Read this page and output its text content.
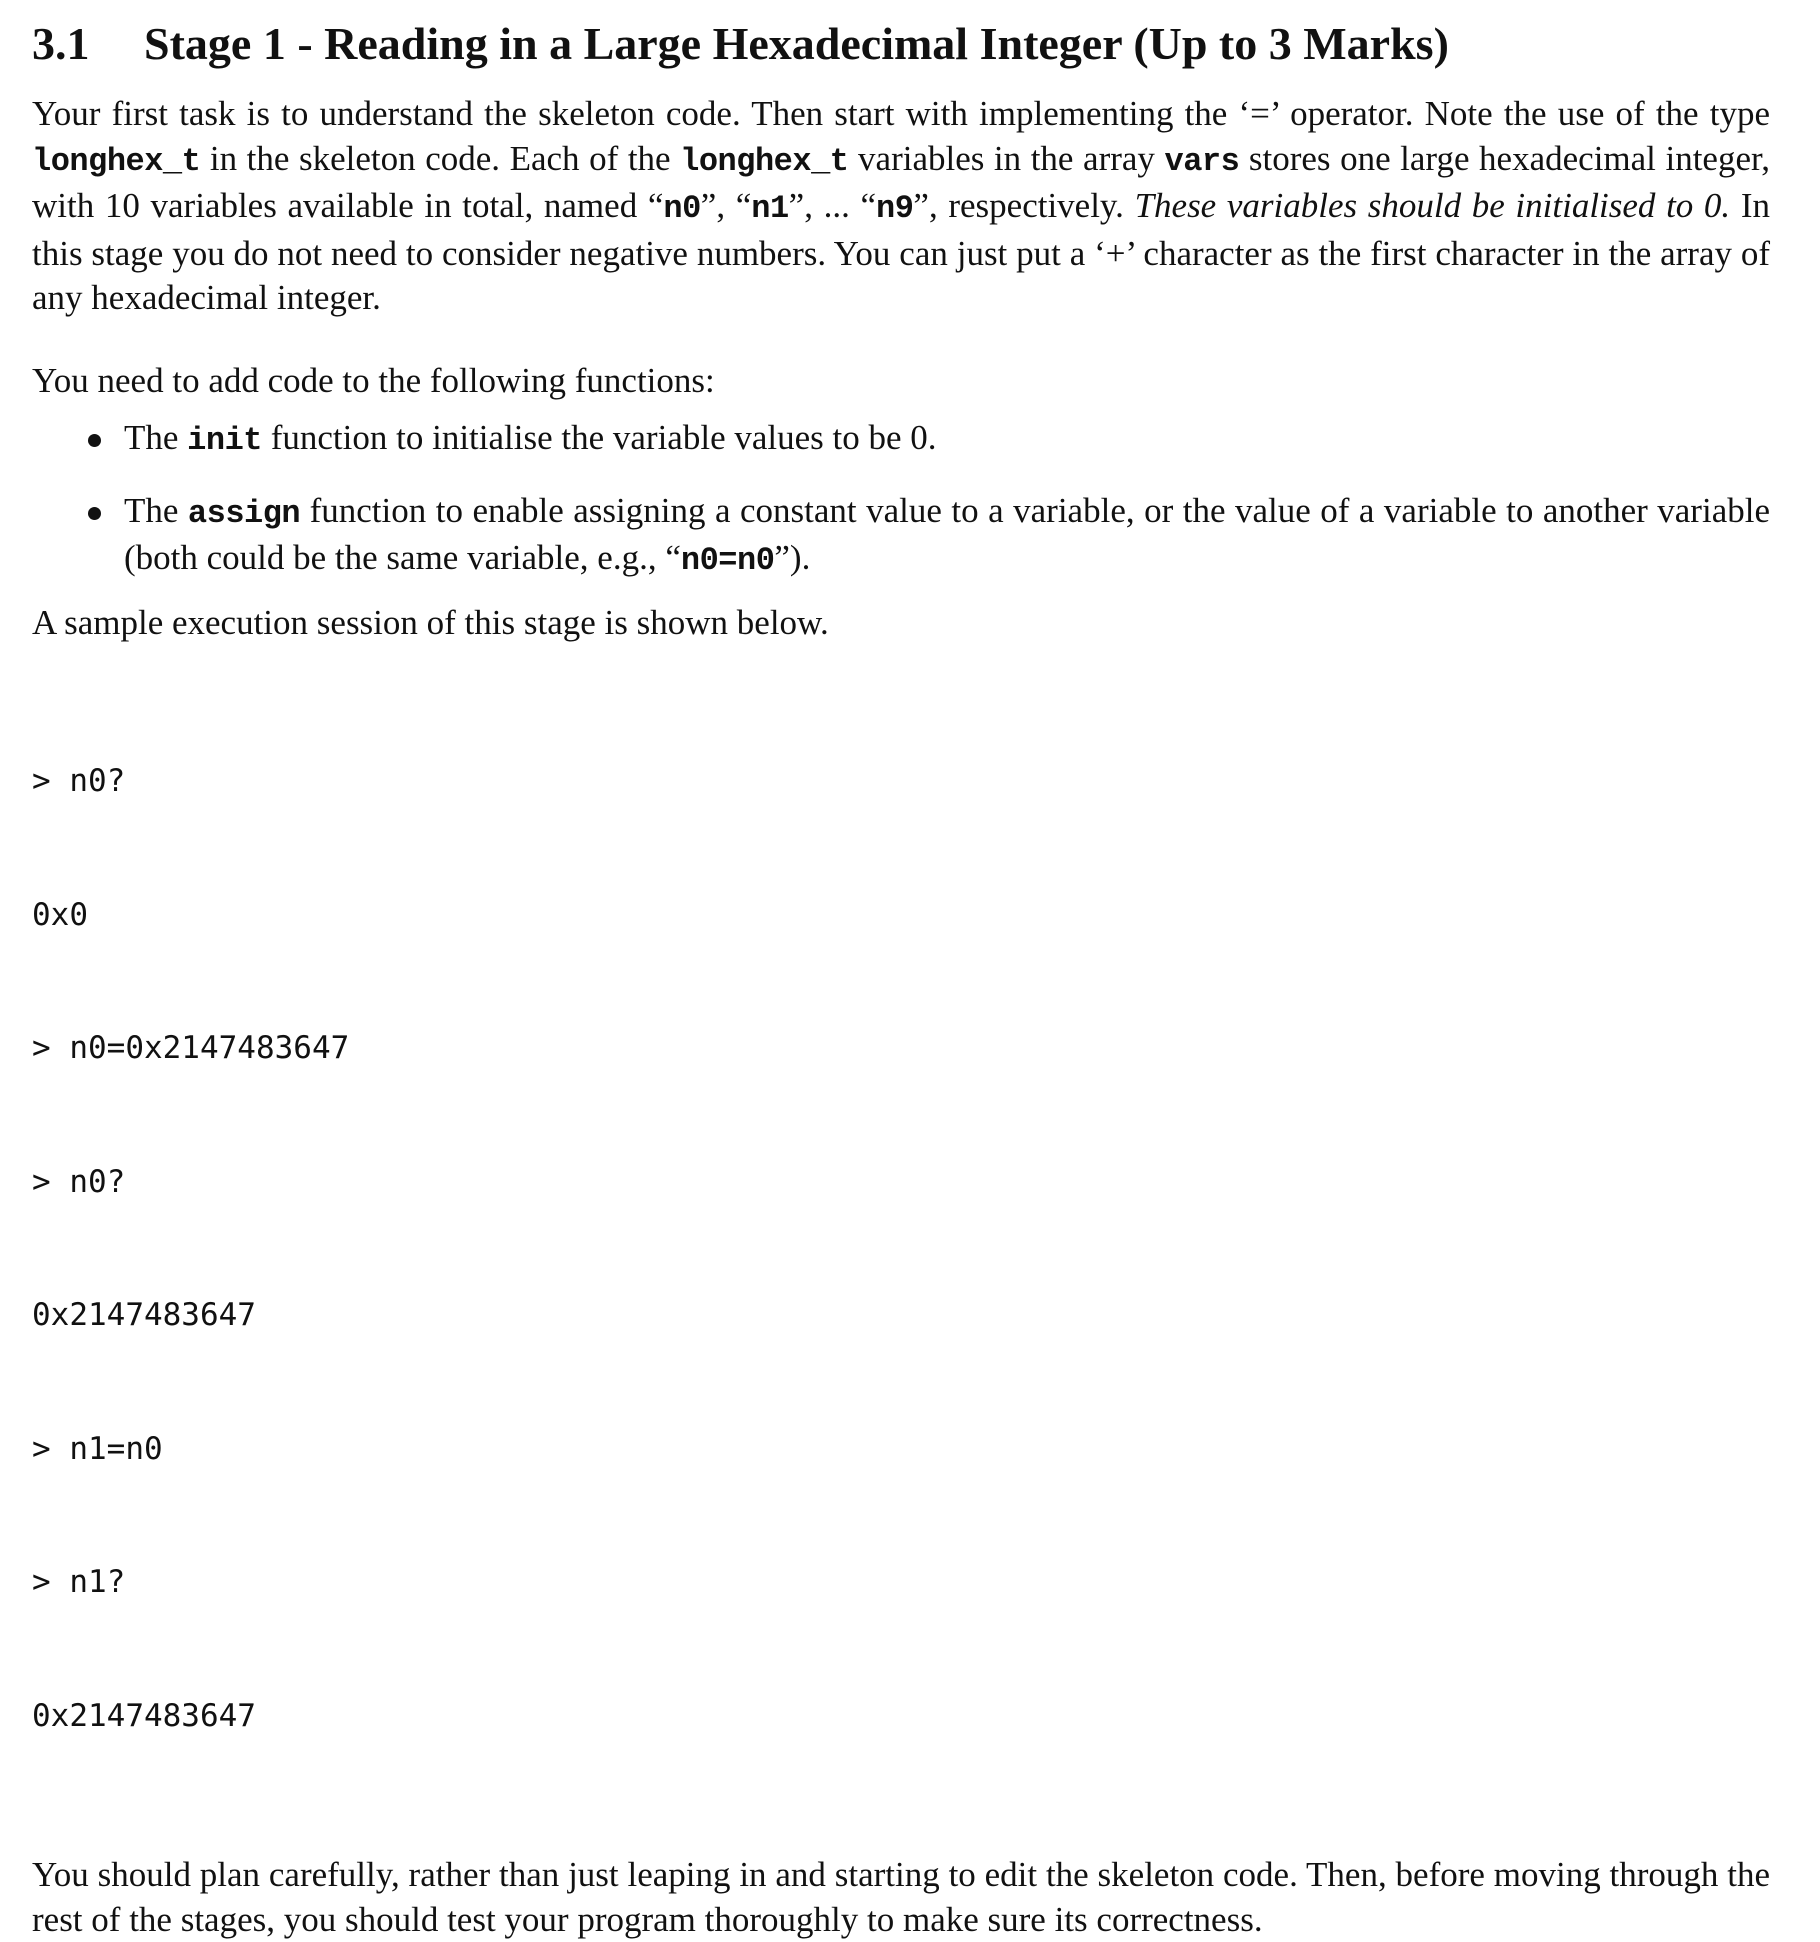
3.1 Stage 1 - Reading in a Large Hexadecimal Integer (Up to 3 Marks)

Your first task is to understand the skeleton code. Then start with implementing the ‘=’ operator. Note the use of the type longhex_t in the skeleton code. Each of the longhex_t variables in the array vars stores one large hexadecimal integer, with 10 variables available in total, named “n0”, “n1”, ... “n9”, respectively. These variables should be initialised to 0. In this stage you do not need to consider negative numbers. You can just put a ‘+’ character as the first character in the array of any hexadecimal integer.

You need to add code to the following functions:

The init function to initialise the variable values to be 0.
The assign function to enable assigning a constant value to a variable, or the value of a variable to another variable (both could be the same variable, e.g., “n0=n0”).

A sample execution session of this stage is shown below.

> n0?

0x0

> n0=0x2147483647

> n0?

0x2147483647

> n1=n0

> n1?

0x2147483647

You should plan carefully, rather than just leaping in and starting to edit the skeleton code. Then, before moving through the rest of the stages, you should test your program thoroughly to make sure its correctness.
